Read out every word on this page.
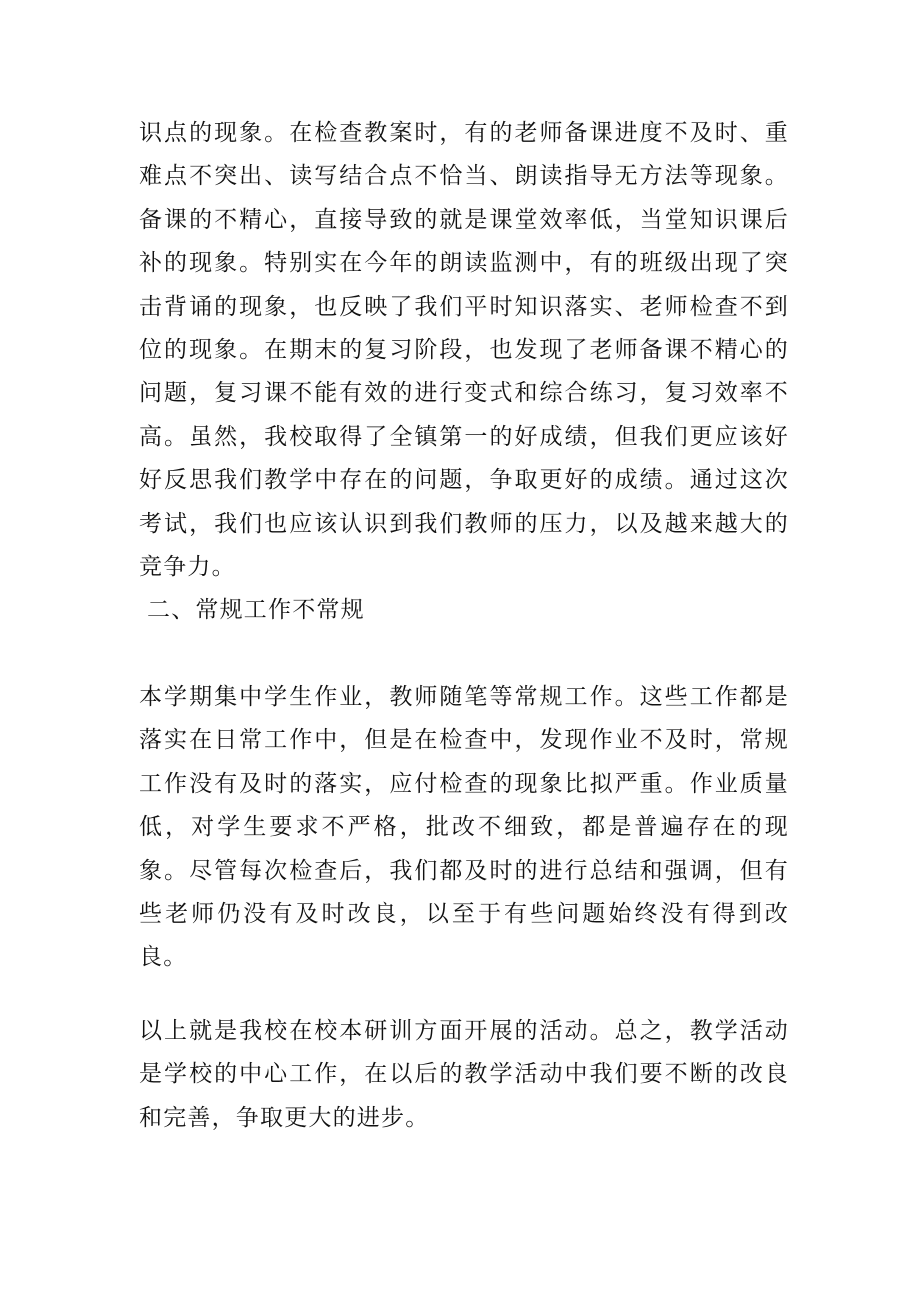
识点的现象。在检查教案时，有的老师备课进度不及时、重难点不突出、读写结合点不恰当、朗读指导无方法等现象。备课的不精心，直接导致的就是课堂效率低，当堂知识课后补的现象。特别实在今年的朗读监测中，有的班级出现了突击背诵的现象，也反映了我们平时知识落实、老师检查不到位的现象。在期末的复习阶段，也发现了老师备课不精心的问题，复习课不能有效的进行变式和综合练习，复习效率不高。虽然，我校取得了全镇第一的好成绩，但我们更应该好好反思我们教学中存在的问题，争取更好的成绩。通过这次考试，我们也应该认识到我们教师的压力，以及越来越大的竞争力。

二、常规工作不常规

本学期集中学生作业，教师随笔等常规工作。这些工作都是落实在日常工作中，但是在检查中，发现作业不及时，常规工作没有及时的落实，应付检查的现象比拟严重。作业质量低，对学生要求不严格，批改不细致，都是普遍存在的现象。尽管每次检查后，我们都及时的进行总结和强调，但有些老师仍没有及时改良，以至于有些问题始终没有得到改良。

以上就是我校在校本研训方面开展的活动。总之，教学活动是学校的中心工作，在以后的教学活动中我们要不断的改良和完善，争取更大的进步。
